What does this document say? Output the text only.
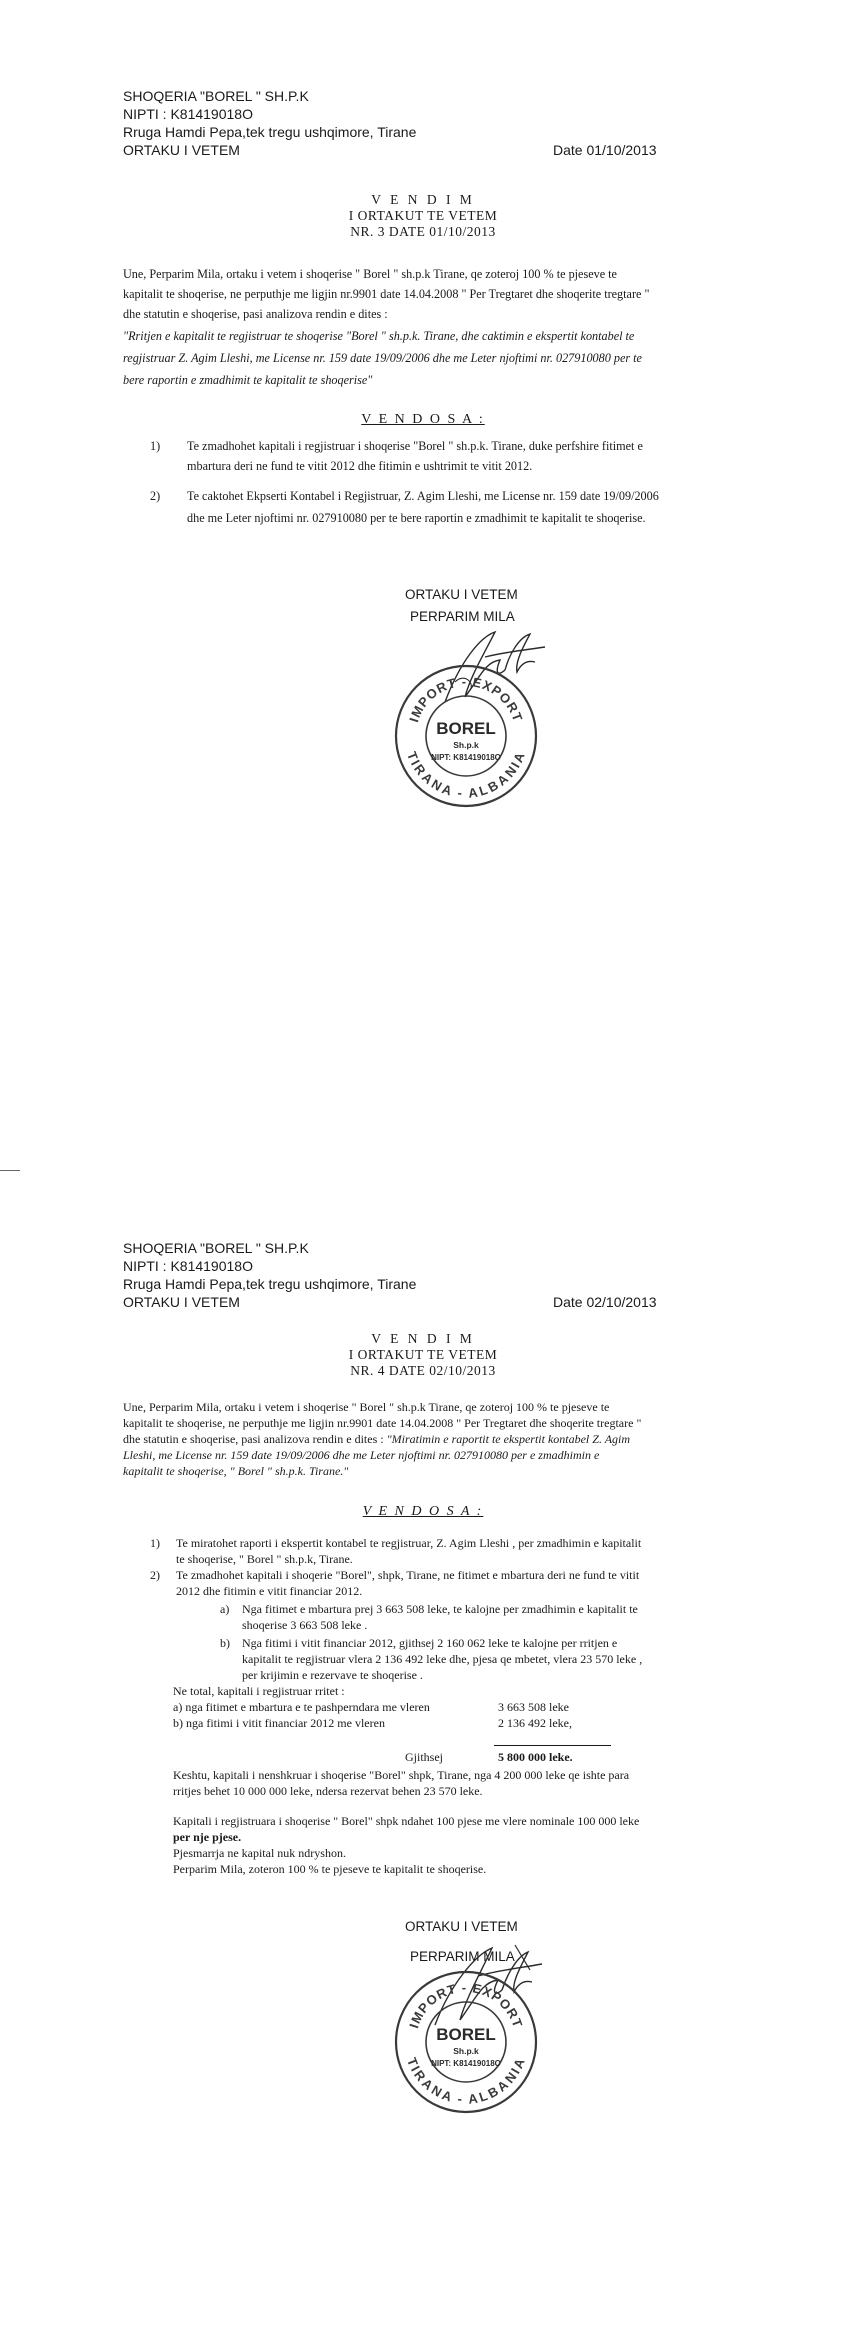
SHOQERIA "BOREL " SH.P.K
NIPTI : K81419018O
Rruga Hamdi Pepa,tek tregu ushqimore, Tirane
ORTAKU I VETEM	Date 01/10/2013
V E N D I M
I ORTAKUT TE VETEM
NR. 3 DATE 01/10/2013
Une, Perparim Mila, ortaku i vetem i shoqerise " Borel " sh.p.k Tirane, qe zoteroj 100 % te pjeseve te
kapitalit te shoqerise, ne perputhje me ligjin nr.9901 date 14.04.2008 " Per Tregtaret dhe shoqerite tregtare "
dhe statutin e shoqerise, pasi analizova rendin e dites :
"Rritjen e kapitalit te regjistruar te shoqerise "Borel " sh.p.k. Tirane, dhe caktimin e ekspertit kontabel te
regjistruar Z. Agim Lleshi, me License nr. 159 date 19/09/2006 dhe me Leter njoftimi nr. 027910080 per te
bere raportin e zmadhimit te kapitalit te shoqerise"
V E N D O S A :
1) Te zmadhohet kapitali i regjistruar i shoqerise "Borel " sh.p.k. Tirane, duke perfshire fitimet e
mbartura deri ne fund te vitit 2012 dhe fitimin e ushtrimit te vitit 2012.
2) Te caktohet Ekpserti Kontabel i Regjistruar, Z. Agim Lleshi, me License nr. 159 date 19/09/2006
dhe me Leter njoftimi nr. 027910080 per te bere raportin e zmadhimit te kapitalit te shoqerise.
ORTAKU I VETEM
PERPARIM MILA
IMPORT - EXPORT
TIRANA - ALBANIA
BOREL
Sh.p.k
NIPT: K81419018O
SHOQERIA "BOREL " SH.P.K
NIPTI : K81419018O
Rruga Hamdi Pepa,tek tregu ushqimore, Tirane
ORTAKU I VETEM	Date 02/10/2013
V E N D I M
I ORTAKUT TE VETEM
NR. 4 DATE 02/10/2013
Une, Perparim Mila, ortaku i vetem i shoqerise " Borel " sh.p.k Tirane, qe zoteroj 100 % te pjeseve te
kapitalit te shoqerise, ne perputhje me ligjin nr.9901 date 14.04.2008 " Per Tregtaret dhe shoqerite tregtare "
dhe statutin e shoqerise, pasi analizova rendin e dites : "Miratimin e raportit te ekspertit kontabel Z. Agim
Lleshi, me License nr. 159 date 19/09/2006 dhe me Leter njoftimi nr. 027910080 per e zmadhimin e
kapitalit te shoqerise, " Borel " sh.p.k. Tirane."
V E N D O S A :
1) Te miratohet raporti i ekspertit kontabel te regjistruar, Z. Agim Lleshi , per zmadhimin e kapitalit
te shoqerise, " Borel " sh.p.k, Tirane.
2) Te zmadhohet kapitali i shoqerie "Borel", shpk, Tirane, ne fitimet e mbartura deri ne fund te vitit
2012 dhe fitimin e vitit financiar 2012.
a) Nga fitimet e mbartura prej 3 663 508 leke, te kalojne per zmadhimin e kapitalit te
shoqerise 3 663 508 leke .
b) Nga fitimi i vitit financiar 2012, gjithsej 2 160 062 leke te kalojne per rritjen e
kapitalit te regjistruar vlera 2 136 492 leke dhe, pjesa qe mbetet, vlera 23 570 leke ,
per krijimin e rezervave te shoqerise .
Ne total, kapitali i regjistruar rritet :
a) nga fitimet e mbartura e te pashperndara me vleren	3 663 508 leke
b) nga fitimi i vitit financiar 2012 me vleren	2 136 492 leke,
Gjithsej	5 800 000 leke.
Keshtu, kapitali i nenshkruar i shoqerise "Borel" shpk, Tirane, nga 4 200 000 leke qe ishte para
rritjes behet 10 000 000 leke, ndersa rezervat behen 23 570 leke.
Kapitali i regjistruara i shoqerise " Borel" shpk ndahet 100 pjese me vlere nominale 100 000 leke
per nje pjese.
Pjesmarrja ne kapital nuk ndryshon.
Perparim Mila, zoteron 100 % te pjeseve te kapitalit te shoqerise.
ORTAKU I VETEM
PERPARIM MILA
IMPORT - EXPORT
TIRANA - ALBANIA
BOREL
Sh.p.k
NIPT: K81419018O
